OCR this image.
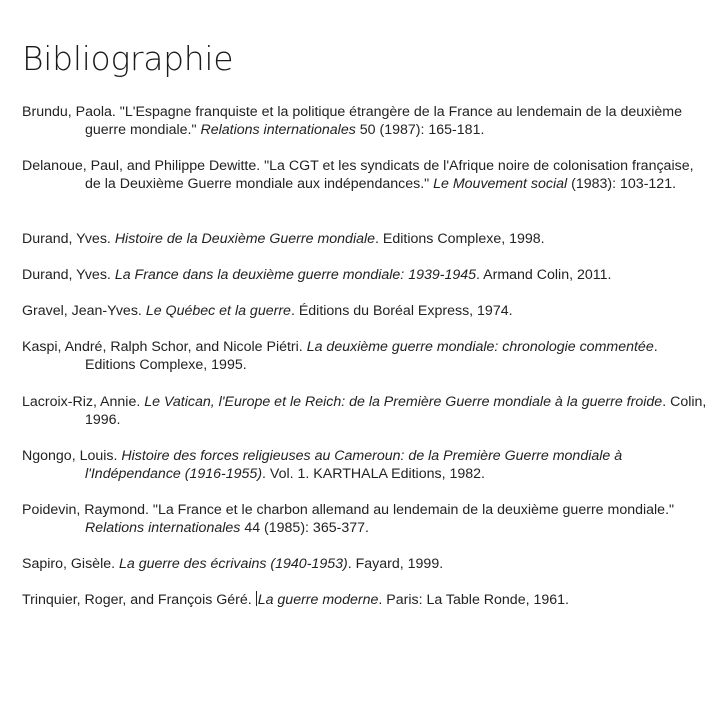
Bibliographie

Brundu, Paola. "L'Espagne franquiste et la politique étrangère de la France au lendemain de la deuxième guerre mondiale." Relations internationales 50 (1987): 165-181.

Delanoue, Paul, and Philippe Dewitte. "La CGT et les syndicats de l'Afrique noire de colonisation française, de la Deuxième Guerre mondiale aux indépendances." Le Mouvement social (1983): 103-121.

Durand, Yves. Histoire de la Deuxième Guerre mondiale. Editions Complexe, 1998.

Durand, Yves. La France dans la deuxième guerre mondiale: 1939-1945. Armand Colin, 2011.

Gravel, Jean-Yves. Le Québec et la guerre. Éditions du Boréal Express, 1974.

Kaspi, André, Ralph Schor, and Nicole Piétri. La deuxième guerre mondiale: chronologie commentée. Editions Complexe, 1995.

Lacroix-Riz, Annie. Le Vatican, l'Europe et le Reich: de la Première Guerre mondiale à la guerre froide. Colin, 1996.

Ngongo, Louis. Histoire des forces religieuses au Cameroun: de la Première Guerre mondiale à l'Indépendance (1916-1955). Vol. 1. KARTHALA Editions, 1982.

Poidevin, Raymond. "La France et le charbon allemand au lendemain de la deuxième guerre mondiale." Relations internationales 44 (1985): 365-377.

Sapiro, Gisèle. La guerre des écrivains (1940-1953). Fayard, 1999.

Trinquier, Roger, and François Géré. La guerre moderne. Paris: La Table Ronde, 1961.
